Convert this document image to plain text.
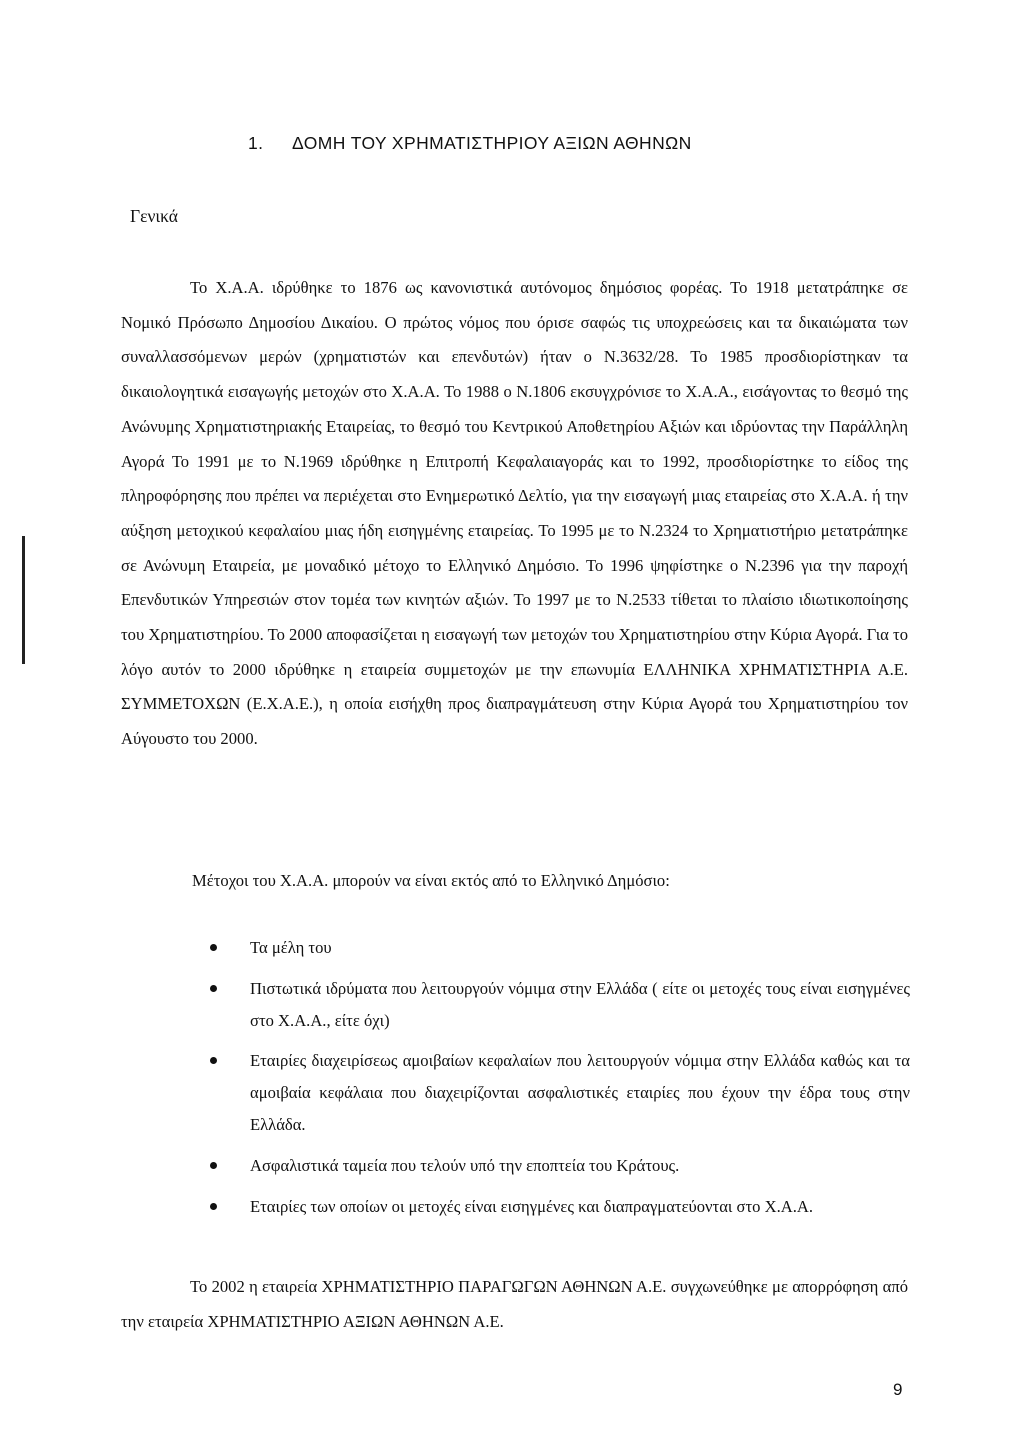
1. ΔΟΜΗ ΤΟΥ ΧΡΗΜΑΤΙΣΤΗΡΙΟΥ ΑΞΙΩΝ ΑΘΗΝΩΝ
Γενικά

Το Χ.Α.Α. ιδρύθηκε το 1876 ως κανονιστικά αυτόνομος δημόσιος φορέας. Το 1918 μετατράπηκε σε Νομικό Πρόσωπο Δημοσίου Δικαίου. Ο πρώτος νόμος που όρισε σαφώς τις υποχρεώσεις και τα δικαιώματα των συναλλασσόμενων μερών (χρηματιστών και επενδυτών) ήταν ο Ν.3632/28. Το 1985 προσδιορίστηκαν τα δικαιολογητικά εισαγωγής μετοχών στο Χ.Α.Α. Το 1988 ο Ν.1806 εκσυγχρόνισε το Χ.Α.Α., εισάγοντας το θεσμό της Ανώνυμης Χρηματιστηριακής Εταιρείας, το θεσμό του Κεντρικού Αποθετηρίου Αξιών και ιδρύοντας την Παράλληλη Αγορά Το 1991 με το Ν.1969 ιδρύθηκε η Επιτροπή Κεφαλαιαγοράς και το 1992, προσδιορίστηκε το είδος της πληροφόρησης που πρέπει να περιέχεται στο Ενημερωτικό Δελτίο, για την εισαγωγή μιας εταιρείας στο Χ.Α.Α. ή την αύξηση μετοχικού κεφαλαίου μιας ήδη εισηγμένης εταιρείας. Το 1995 με το Ν.2324 το Χρηματιστήριο μετατράπηκε σε Ανώνυμη Εταιρεία, με μοναδικό μέτοχο το Ελληνικό Δημόσιο. Το 1996 ψηφίστηκε ο Ν.2396 για την παροχή Επενδυτικών Υπηρεσιών στον τομέα των κινητών αξιών. Το 1997 με το Ν.2533 τίθεται το πλαίσιο ιδιωτικοποίησης του Χρηματιστηρίου. Το 2000 αποφασίζεται η εισαγωγή των μετοχών του Χρηματιστηρίου στην Κύρια Αγορά. Για το λόγο αυτόν το 2000 ιδρύθηκε η εταιρεία συμμετοχών με την επωνυμία ΕΛΛΗΝΙΚΑ ΧΡΗΜΑΤΙΣΤΗΡΙΑ Α.Ε. ΣΥΜΜΕΤΟΧΩΝ (Ε.Χ.Α.Ε.), η οποία εισήχθη προς διαπραγμάτευση στην Κύρια Αγορά του Χρηματιστηρίου τον Αύγουστο του 2000.

Μέτοχοι του Χ.Α.Α. μπορούν να είναι εκτός από το Ελληνικό Δημόσιο:

Τα μέλη του
Πιστωτικά ιδρύματα που λειτουργούν νόμιμα στην Ελλάδα ( είτε οι μετοχές τους είναι εισηγμένες στο Χ.Α.Α., είτε όχι)
Εταιρίες διαχειρίσεως αμοιβαίων κεφαλαίων που λειτουργούν νόμιμα στην Ελλάδα καθώς και τα αμοιβαία κεφάλαια που διαχειρίζονται ασφαλιστικές εταιρίες που έχουν την έδρα τους στην Ελλάδα.
Ασφαλιστικά ταμεία που τελούν υπό την εποπτεία του Κράτους.
Εταιρίες των οποίων οι μετοχές είναι εισηγμένες και διαπραγματεύονται στο Χ.Α.Α.

Το 2002 η εταιρεία ΧΡΗΜΑΤΙΣΤΗΡΙΟ ΠΑΡΑΓΩΓΩΝ ΑΘΗΝΩΝ Α.Ε. συγχωνεύθηκε με απορρόφηση από την εταιρεία ΧΡΗΜΑΤΙΣΤΗΡΙΟ ΑΞΙΩΝ ΑΘΗΝΩΝ Α.Ε.

9
